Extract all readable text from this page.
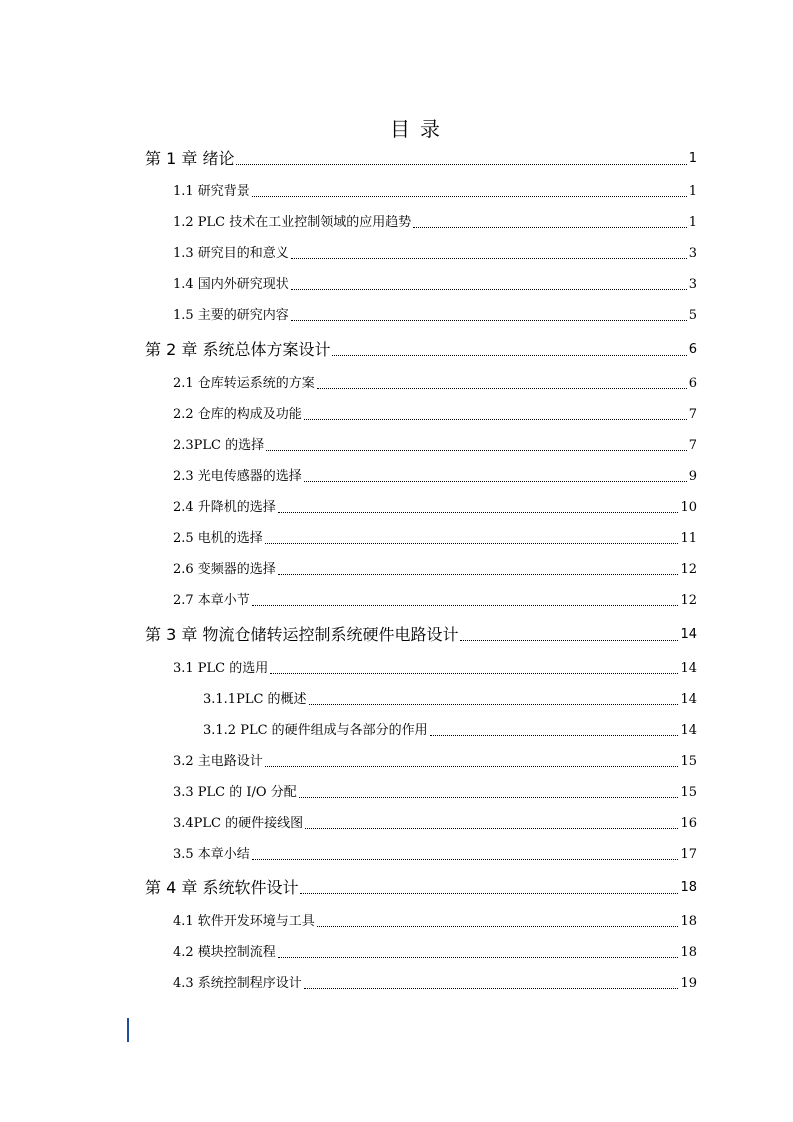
目录
第 1 章 绪论	1
1.1 研究背景	1
1.2 PLC 技术在工业控制领域的应用趋势	1
1.3 研究目的和意义	3
1.4 国内外研究现状	3
1.5 主要的研究内容	5
第 2 章 系统总体方案设计	6
2.1 仓库转运系统的方案	6
2.2 仓库的构成及功能	7
2.3PLC 的选择	7
2.3 光电传感器的选择	9
2.4 升降机的选择	10
2.5 电机的选择	11
2.6 变频器的选择	12
2.7 本章小节	12
第 3 章 物流仓储转运控制系统硬件电路设计	14
3.1 PLC 的选用	14
3.1.1PLC 的概述	14
3.1.2 PLC 的硬件组成与各部分的作用	14
3.2 主电路设计	15
3.3 PLC 的 I/O 分配	15
3.4PLC 的硬件接线图	16
3.5 本章小结	17
第 4 章 系统软件设计	18
4.1 软件开发环境与工具	18
4.2 模块控制流程	18
4.3 系统控制程序设计	19
